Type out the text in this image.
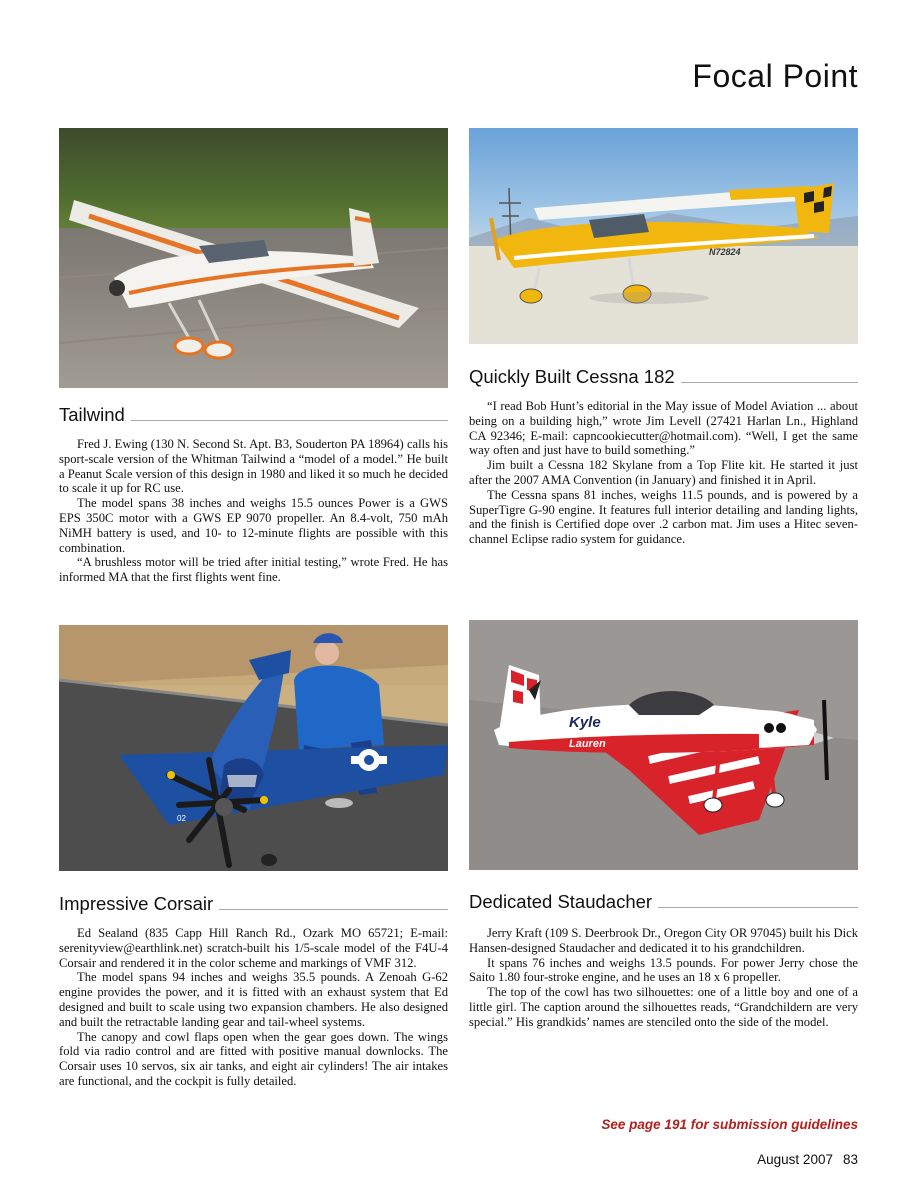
Focal Point
N72824
Quickly Built Cessna 182
Tailwind

Fred J. Ewing (130 N. Second St. Apt. B3, Souderton PA 18964) calls his sport-scale version of the Whitman Tailwind a “model of a model.” He built a Peanut Scale version of this design in 1980 and liked it so much he decided to scale it up for RC use.

The model spans 38 inches and weighs 15.5 ounces Power is a GWS EPS 350C motor with a GWS EP 9070 propeller. An 8.4-volt, 750 mAh NiMH battery is used, and 10- to 12-minute flights are possible with this combination.

“A brushless motor will be tried after initial testing,” wrote Fred. He has informed MA that the first flights went fine.

“I read Bob Hunt’s editorial in the May issue of Model Aviation ... about being on a building high,” wrote Jim Levell (27421 Harlan Ln., Highland CA 92346; E-mail: capncookiecutter@hotmail.com). “Well, I get the same way often and just have to build something.”

Jim built a Cessna 182 Skylane from a Top Flite kit. He started it just after the 2007 AMA Convention (in January) and finished it in April.

The Cessna spans 81 inches, weighs 11.5 pounds, and is powered by a SuperTigre G-90 engine. It features full interior detailing and landing lights, and the finish is Certified dope over .2 carbon mat. Jim uses a Hitec seven-channel Eclipse radio system for guidance.

02
Kyle
Lauren
Impressive Corsair	Dedicated Staudacher

Ed Sealand (835 Capp Hill Ranch Rd., Ozark MO 65721; E-mail: serenityview@earthlink.net) scratch-built his 1/5-scale model of the F4U-4 Corsair and rendered it in the color scheme and markings of VMF 312.

The model spans 94 inches and weighs 35.5 pounds. A Zenoah G-62 engine provides the power, and it is fitted with an exhaust system that Ed designed and built to scale using two expansion chambers. He also designed and built the retractable landing gear and tail-wheel systems.

The canopy and cowl flaps open when the gear goes down. The wings fold via radio control and are fitted with positive manual downlocks. The Corsair uses 10 servos, six air tanks, and eight air cylinders! The air intakes are functional, and the cockpit is fully detailed.

Jerry Kraft (109 S. Deerbrook Dr., Oregon City OR 97045) built his Dick Hansen-designed Staudacher and dedicated it to his grandchildren.

It spans 76 inches and weighs 13.5 pounds. For power Jerry chose the Saito 1.80 four-stroke engine, and he uses an 18 x 6 propeller.

The top of the cowl has two silhouettes: one of a little boy and one of a little girl. The caption around the silhouettes reads, “Grandchildern are very special.” His grandkids’ names are stenciled onto the side of the model.

See page 191 for submission guidelines
August 2007 83
